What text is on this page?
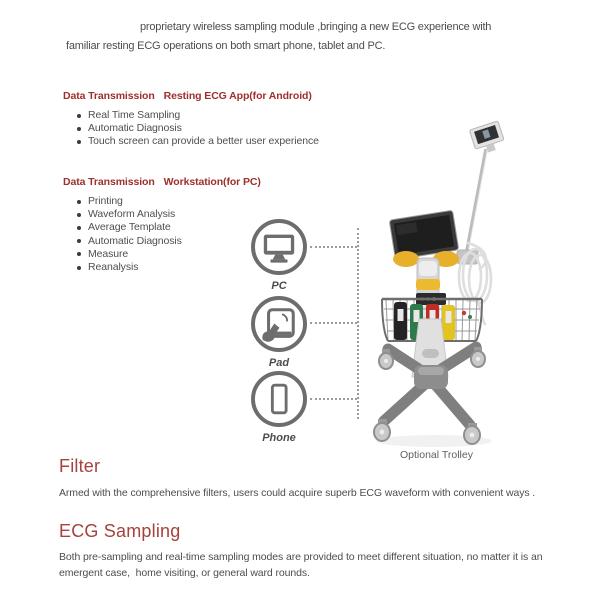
proprietary wireless sampling module ,bringing a new ECG experience with
familiar resting ECG operations on both smart phone, tablet and PC.
Data Transmission Resting ECG App(for Android)
Real Time Sampling
Automatic Diagnosis
Touch screen can provide a better user experience
Data Transmission Workstation(for PC)
Printing
Waveform Analysis
Average Template
Automatic Diagnosis
Measure
Reanalysis
PC
Pad
Phone
Optional Trolley
Filter
Armed with the comprehensive filters, users could acquire superb ECG waveform with convenient ways .
ECG Sampling
Both pre-sampling and real-time sampling modes are provided to meet different situation, no matter it is an
emergent case,  home visiting, or general ward rounds.
